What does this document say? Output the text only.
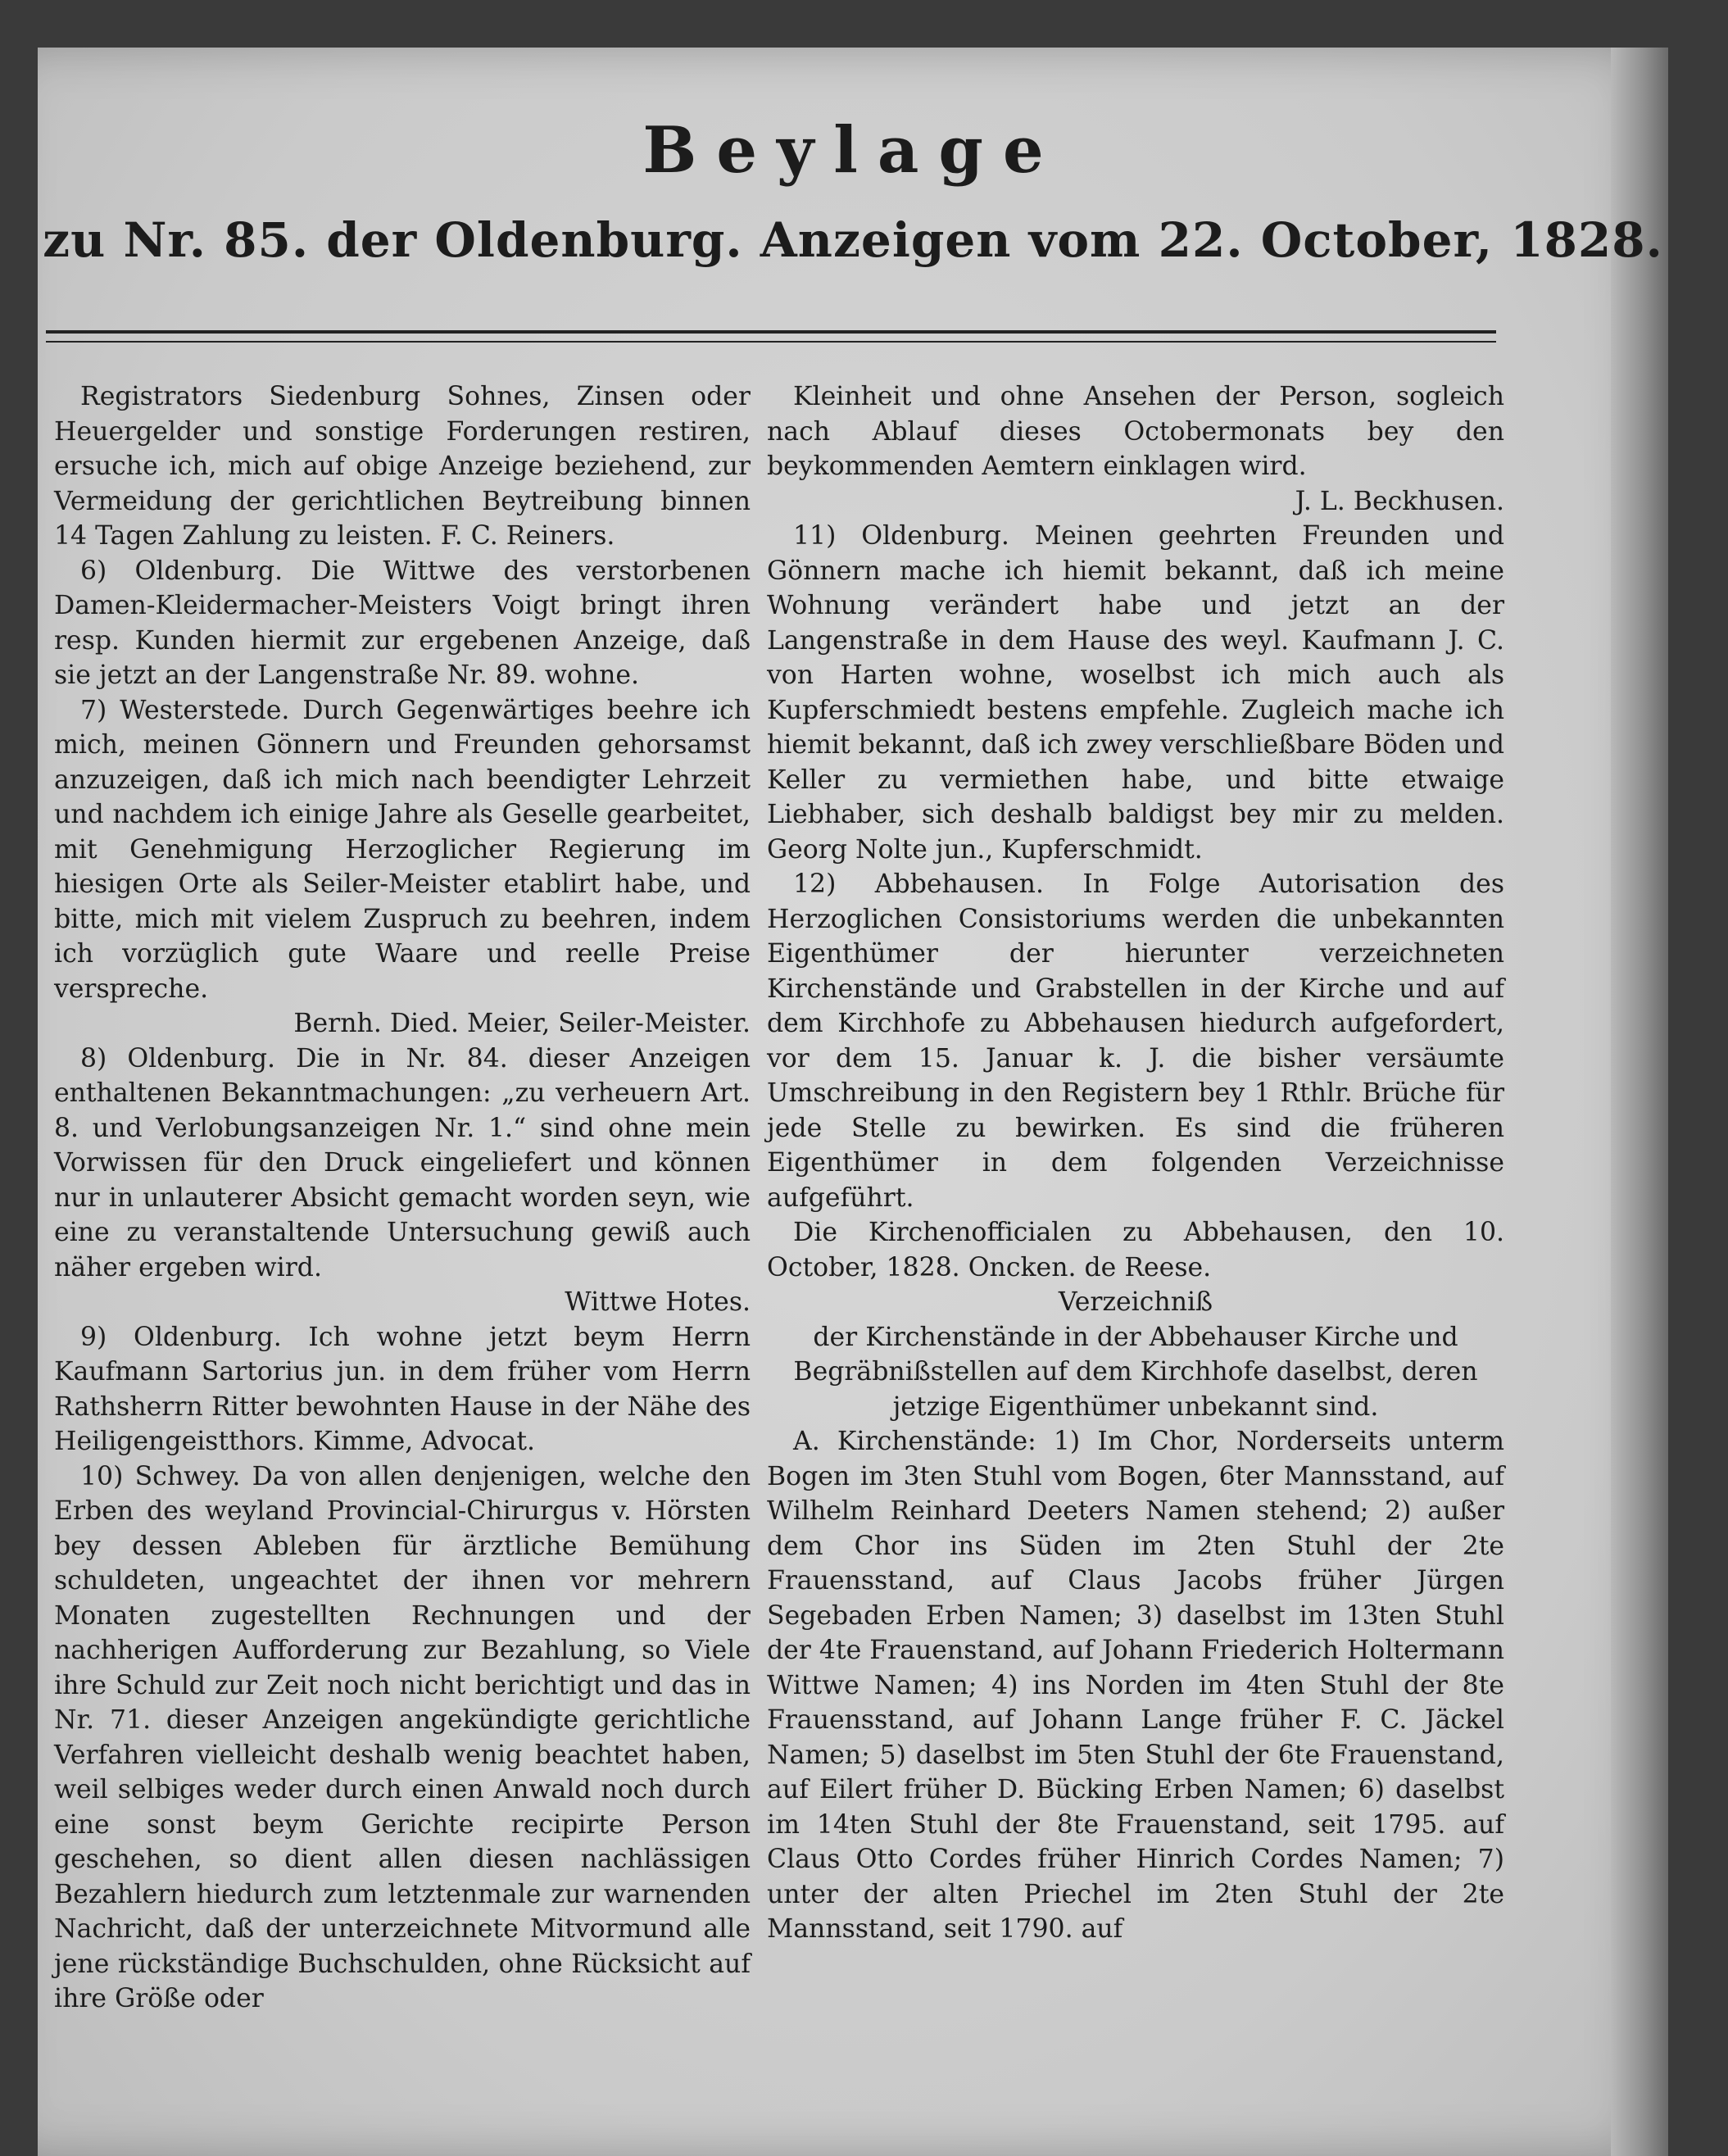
Beylage
zu Nr. 85. der Oldenburg. Anzeigen vom 22. October, 1828.

Registrators Siedenburg Sohnes, Zinsen oder Heuergelder und sonstige Forderungen restiren, ersuche ich, mich auf obige Anzeige beziehend, zur Vermeidung der gerichtlichen Beytreibung binnen 14 Tagen Zahlung zu leisten. F. C. Reiners.

6) Oldenburg. Die Wittwe des verstorbenen Damen-Kleidermacher-Meisters Voigt bringt ihren resp. Kunden hiermit zur ergebenen Anzeige, daß sie jetzt an der Langenstraße Nr. 89. wohne.

7) Westerstede. Durch Gegenwärtiges beehre ich mich, meinen Gönnern und Freunden gehorsamst anzuzeigen, daß ich mich nach beendigter Lehrzeit und nachdem ich einige Jahre als Geselle gearbeitet, mit Genehmigung Herzoglicher Regierung im hiesigen Orte als Seiler-Meister etablirt habe, und bitte, mich mit vielem Zuspruch zu beehren, indem ich vorzüglich gute Waare und reelle Preise verspreche.

Bernh. Died. Meier, Seiler-Meister.

8) Oldenburg. Die in Nr. 84. dieser Anzeigen enthaltenen Bekanntmachungen: „zu verheuern Art. 8. und Verlobungsanzeigen Nr. 1.“ sind ohne mein Vorwissen für den Druck eingeliefert und können nur in unlauterer Absicht gemacht worden seyn, wie eine zu veranstaltende Untersuchung gewiß auch näher ergeben wird.

Wittwe Hotes.

9) Oldenburg. Ich wohne jetzt beym Herrn Kaufmann Sartorius jun. in dem früher vom Herrn Rathsherrn Ritter bewohnten Hause in der Nähe des Heiligengeistthors. Kimme, Advocat.

10) Schwey. Da von allen denjenigen, welche den Erben des weyland Provincial-Chirurgus v. Hörsten bey dessen Ableben für ärztliche Bemühung schuldeten, ungeachtet der ihnen vor mehrern Monaten zugestellten Rechnungen und der nachherigen Aufforderung zur Bezahlung, so Viele ihre Schuld zur Zeit noch nicht berichtigt und das in Nr. 71. dieser Anzeigen angekündigte gerichtliche Verfahren vielleicht deshalb wenig beachtet haben, weil selbiges weder durch einen Anwald noch durch eine sonst beym Gerichte recipirte Person geschehen, so dient allen diesen nachlässigen Bezahlern hiedurch zum letztenmale zur warnenden Nachricht, daß der unterzeichnete Mitvormund alle jene rückständige Buchschulden, ohne Rücksicht auf ihre Größe oder

Kleinheit und ohne Ansehen der Person, sogleich nach Ablauf dieses Octobermonats bey den beykommenden Aemtern einklagen wird.

J. L. Beckhusen.

11) Oldenburg. Meinen geehrten Freunden und Gönnern mache ich hiemit bekannt, daß ich meine Wohnung verändert habe und jetzt an der Langenstraße in dem Hause des weyl. Kaufmann J. C. von Harten wohne, woselbst ich mich auch als Kupferschmiedt bestens empfehle. Zugleich mache ich hiemit bekannt, daß ich zwey verschließbare Böden und Keller zu vermiethen habe, und bitte etwaige Liebhaber, sich deshalb baldigst bey mir zu melden. Georg Nolte jun., Kupferschmidt.

12) Abbehausen. In Folge Autorisation des Herzoglichen Consistoriums werden die unbekannten Eigenthümer der hierunter verzeichneten Kirchenstände und Grabstellen in der Kirche und auf dem Kirchhofe zu Abbehausen hiedurch aufgefordert, vor dem 15. Januar k. J. die bisher versäumte Umschreibung in den Registern bey 1 Rthlr. Brüche für jede Stelle zu bewirken. Es sind die früheren Eigenthümer in dem folgenden Verzeichnisse aufgeführt.

Die Kirchenofficialen zu Abbehausen, den 10. October, 1828. Oncken. de Reese.

Verzeichniß

der Kirchenstände in der Abbehauser Kirche und Begräbnißstellen auf dem Kirchhofe daselbst, deren jetzige Eigenthümer unbekannt sind.

A. Kirchenstände: 1) Im Chor, Norderseits unterm Bogen im 3ten Stuhl vom Bogen, 6ter Mannsstand, auf Wilhelm Reinhard Deeters Namen stehend; 2) außer dem Chor ins Süden im 2ten Stuhl der 2te Frauensstand, auf Claus Jacobs früher Jürgen Segebaden Erben Namen; 3) daselbst im 13ten Stuhl der 4te Frauenstand, auf Johann Friederich Holtermann Wittwe Namen; 4) ins Norden im 4ten Stuhl der 8te Frauensstand, auf Johann Lange früher F. C. Jäckel Namen; 5) daselbst im 5ten Stuhl der 6te Frauenstand, auf Eilert früher D. Bücking Erben Namen; 6) daselbst im 14ten Stuhl der 8te Frauenstand, seit 1795. auf Claus Otto Cordes früher Hinrich Cordes Namen; 7) unter der alten Priechel im 2ten Stuhl der 2te Mannsstand, seit 1790. auf
